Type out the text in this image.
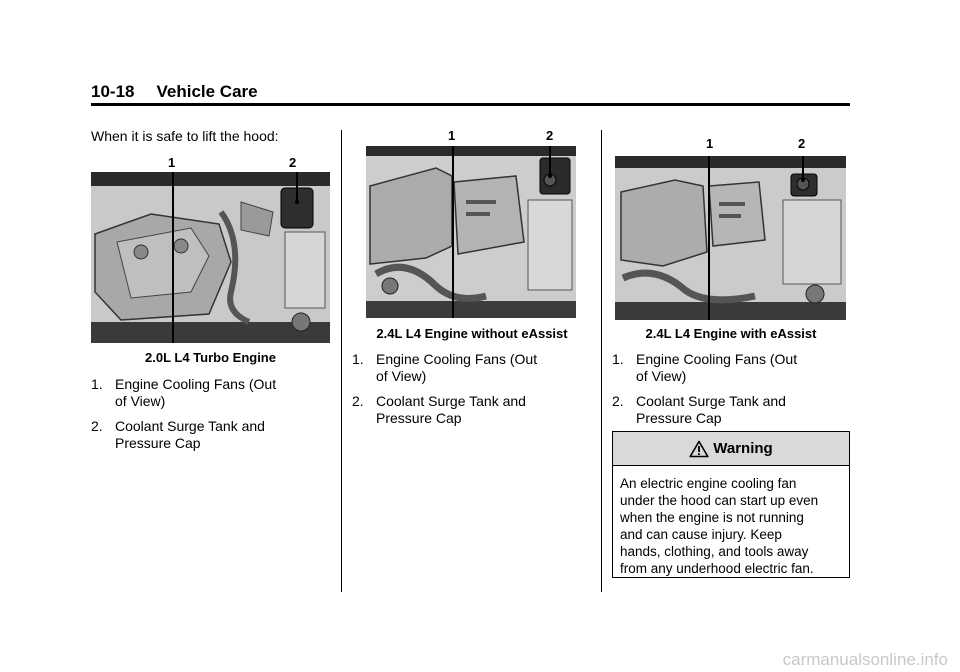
10-18 Vehicle Care
When it is safe to lift the hood:
1	2
2.0L L4 Turbo Engine
1. Engine Cooling Fans (Out
of View)
2. Coolant Surge Tank and
Pressure Cap
1	2
2.4L L4 Engine without eAssist
1. Engine Cooling Fans (Out
of View)
2. Coolant Surge Tank and
Pressure Cap
1	2
2.4L L4 Engine with eAssist
1. Engine Cooling Fans (Out
of View)
2. Coolant Surge Tank and
Pressure Cap
Warning
An electric engine cooling fan
under the hood can start up even
when the engine is not running
and can cause injury. Keep
hands, clothing, and tools away
from any underhood electric fan.
carmanualsonline.info
